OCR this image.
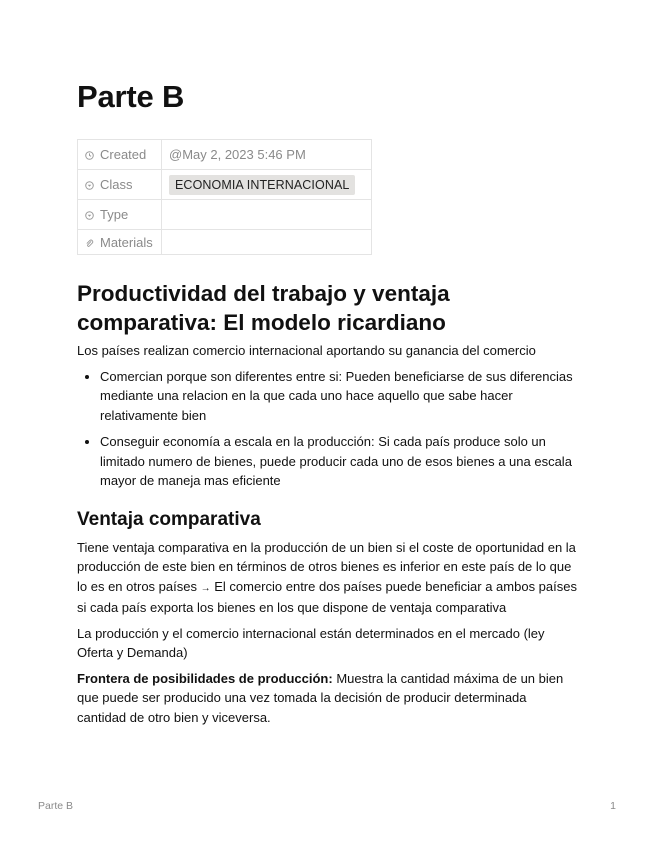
Parte B
Created	@May 2, 2023 5:46 PM
Class	ECONOMIA INTERNACIONAL
Type	
Materials	
Productividad del trabajo y ventaja comparativa: El modelo ricardiano

Los países realizan comercio internacional aportando su ganancia del comercio

• Comercian porque son diferentes entre si: Pueden beneficiarse de sus diferencias mediante una relacion en la que cada uno hace aquello que sabe hacer relativamente bien
• Conseguir economía a escala en la producción: Si cada país produce solo un limitado numero de bienes, puede producir cada uno de esos bienes a una escala mayor de maneja mas eficiente
Ventaja comparativa

Tiene ventaja comparativa en la producción de un bien si el coste de oportunidad en la producción de este bien en términos de otros bienes es inferior en este país de lo que lo es en otros países → El comercio entre dos países puede beneficiar a ambos países si cada país exporta los bienes en los que dispone de ventaja comparativa

La producción y el comercio internacional están determinados en el mercado (ley Oferta y Demanda)

Frontera de posibilidades de producción: Muestra la cantidad máxima de un bien que puede ser producido una vez tomada la decisión de producir determinada cantidad de otro bien y viceversa.

Parte B	1
